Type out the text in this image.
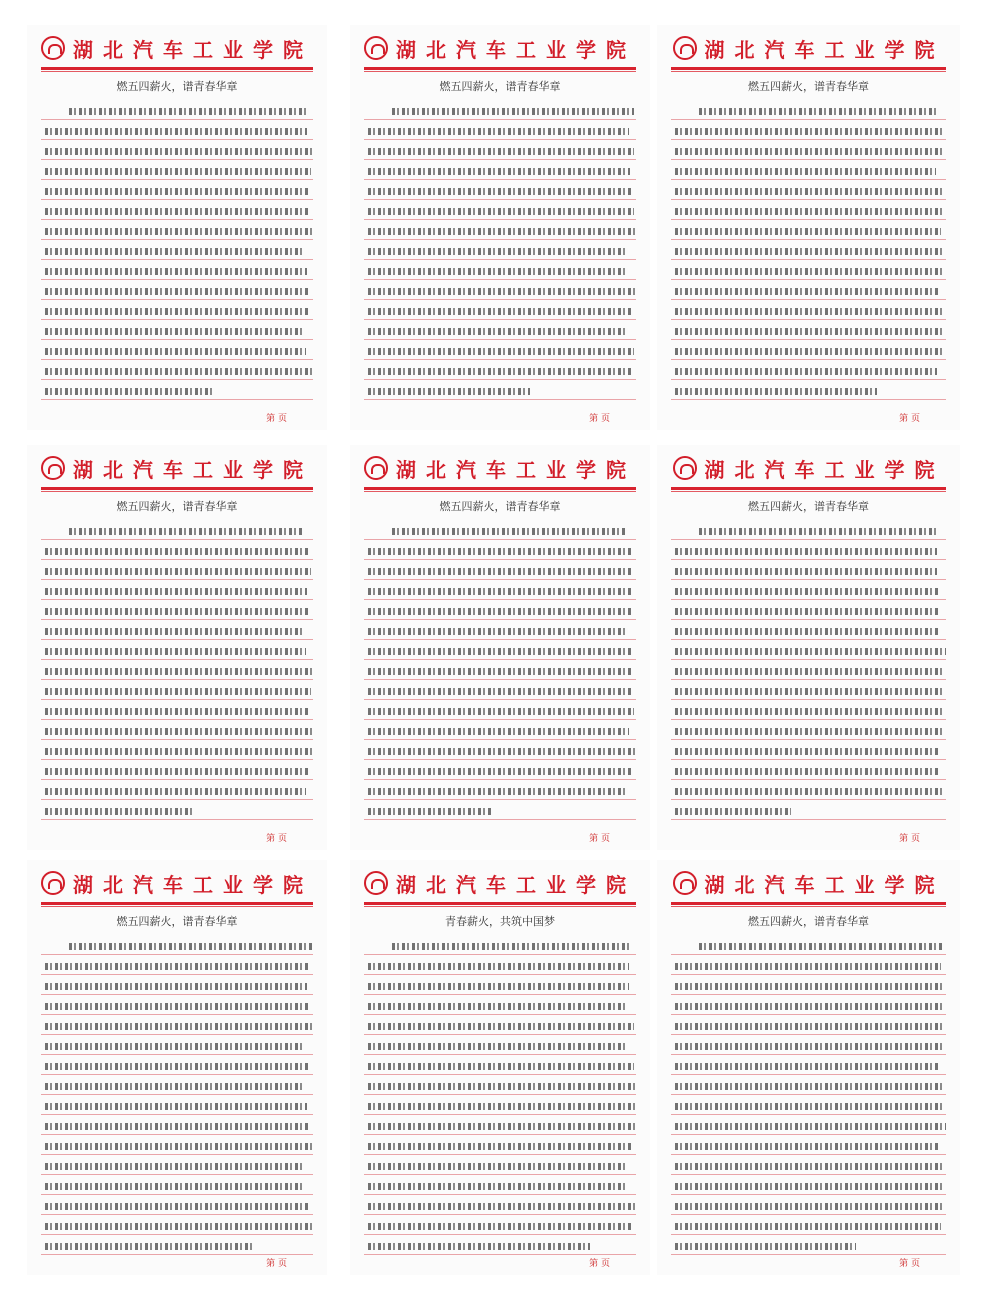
湖北汽车工业学院
燃五四薪火，谱青春华章
第 页
湖北汽车工业学院
燃五四薪火，谱青春华章
第 页
湖北汽车工业学院
燃五四薪火，谱青春华章
第 页
湖北汽车工业学院
燃五四薪火，谱青春华章
第 页
湖北汽车工业学院
燃五四薪火，谱青春华章
第 页
湖北汽车工业学院
燃五四薪火，谱青春华章
第 页
湖北汽车工业学院
燃五四薪火，谱青春华章
第 页
湖北汽车工业学院
青春薪火，共筑中国梦
第 页
湖北汽车工业学院
燃五四薪火，谱青春华章
第 页
